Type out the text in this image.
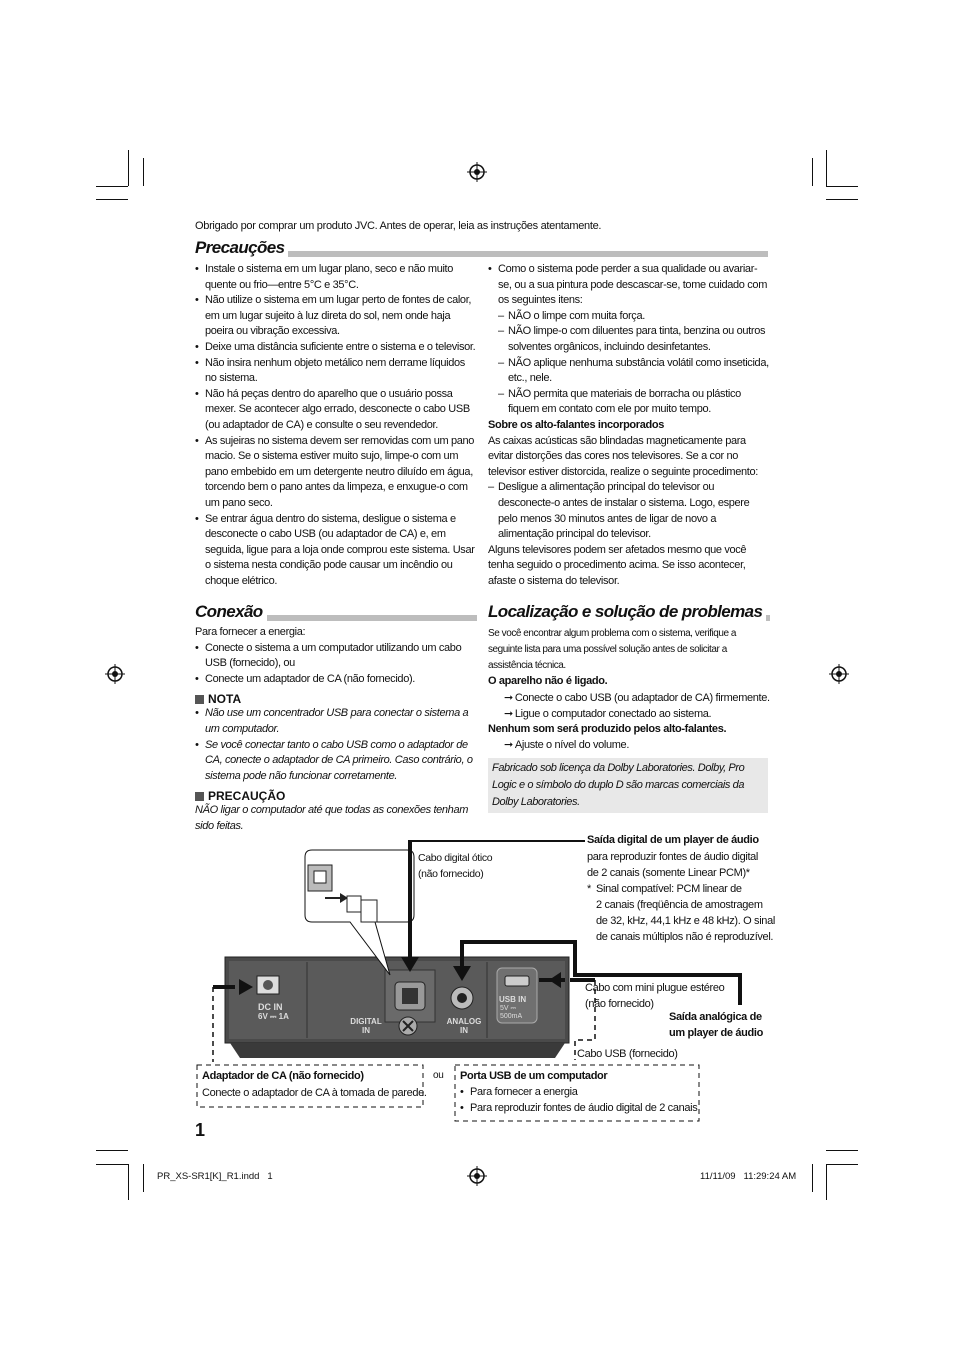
Obrigado por comprar um produto JVC. Antes de operar, leia as instruções atentamente.
Precauções
• Instale o sistema em um lugar plano, seco e não muito quente ou frio—entre 5°C e 35°C.
• Não utilize o sistema em um lugar perto de fontes de calor, em um lugar sujeito à luz direta do sol, nem onde haja poeira ou vibração excessiva.
• Deixe uma distância suficiente entre o sistema e o televisor.
• Não insira nenhum objeto metálico nem derrame líquidos no sistema.
• Não há peças dentro do aparelho que o usuário possa mexer. Se acontecer algo errado, desconecte o cabo USB (ou adaptador de CA) e consulte o seu revendedor.
• As sujeiras no sistema devem ser removidas com um pano macio. Se o sistema estiver muito sujo, limpe-o com um pano embebido em um detergente neutro diluído em água, torcendo bem o pano antes da limpeza, e enxugue-o com um pano seco.
• Se entrar água dentro do sistema, desligue o sistema e desconecte o cabo USB (ou adaptador de CA) e, em seguida, ligue para a loja onde comprou este sistema. Usar o sistema nesta condição pode causar um incêndio ou choque elétrico.
• Como o sistema pode perder a sua qualidade ou avariar-se, ou a sua pintura pode descascar-se, tome cuidado com os seguintes itens:
– NÃO o limpe com muita força.
– NÃO limpe-o com diluentes para tinta, benzina ou outros solventes orgânicos, incluindo desinfetantes.
– NÃO aplique nenhuma substância volátil como inseticida, etc., nele.
– NÃO permita que materiais de borracha ou plástico fiquem em contato com ele por muito tempo.

Sobre os alto-falantes incorporados

As caixas acústicas são blindadas magneticamente para evitar distorções das cores nos televisores. Se a cor no televisor estiver distorcida, realize o seguinte procedimento:

– Desligue a alimentação principal do televisor ou desconecte-o antes de instalar o sistema. Logo, espere pelo menos 30 minutos antes de ligar de novo a alimentação principal do televisor.

Alguns televisores podem ser afetados mesmo que você tenha seguido o procedimento acima. Se isso acontecer, afaste o sistema do televisor.

Conexão

Para fornecer a energia:

• Conecte o sistema a um computador utilizando um cabo USB (fornecido), ou
• Conecte um adaptador de CA (não fornecido).
NOTA
• Não use um concentrador USB para conectar o sistema a um computador.
• Se você conectar tanto o cabo USB como o adaptador de CA, conecte o adaptador de CA primeiro. Caso contrário, o sistema pode não funcionar corretamente.
PRECAUÇÃO

NÃO ligar o computador até que todas as conexões tenham sido feitas.

Localização e solução de problemas

Se você encontrar algum problema com o sistema, verifique a seguinte lista para uma possível solução antes de solicitar a assistência técnica.

O aparelho não é ligado.

➞ Conecte o cabo USB (ou adaptador de CA) firmemente.
➞ Ligue o computador conectado ao sistema.

Nenhum som será produzido pelos alto-falantes.

➞ Ajuste o nível do volume.
Fabricado sob licença da Dolby Laboratories. Dolby, Pro Logic e o símbolo do duplo D são marcas comerciais da Dolby Laboratories.
DC IN
6V ⎓ 1A
DIGITAL
IN
ANALOG
IN
USB IN
5V ⎓
500mA
Cabo digital ótico
(não fornecido)
Saída digital de um player de áudio
para reproduzir fontes de áudio digital
de 2 canais (somente Linear PCM)*
* Sinal compatível: PCM linear de
2 canais (freqüência de amostragem
de 32, kHz, 44,1 kHz e 48 kHz). O sinal
de canais múltiplos não é reproduzível.
Cabo com mini plugue estéreo
(não fornecido)
Saída analógica de
um player de áudio
Cabo USB (fornecido)
Adaptador de CA (não fornecido)
Conecte o adaptador de CA à tomada de parede.
ou Porta USB de um computador
• Para fornecer a energia
• Para reproduzir fontes de áudio digital de 2 canais
1
PR_XS-SR1[K]_R1.indd   1	11/11/09   11:29:24 AM
